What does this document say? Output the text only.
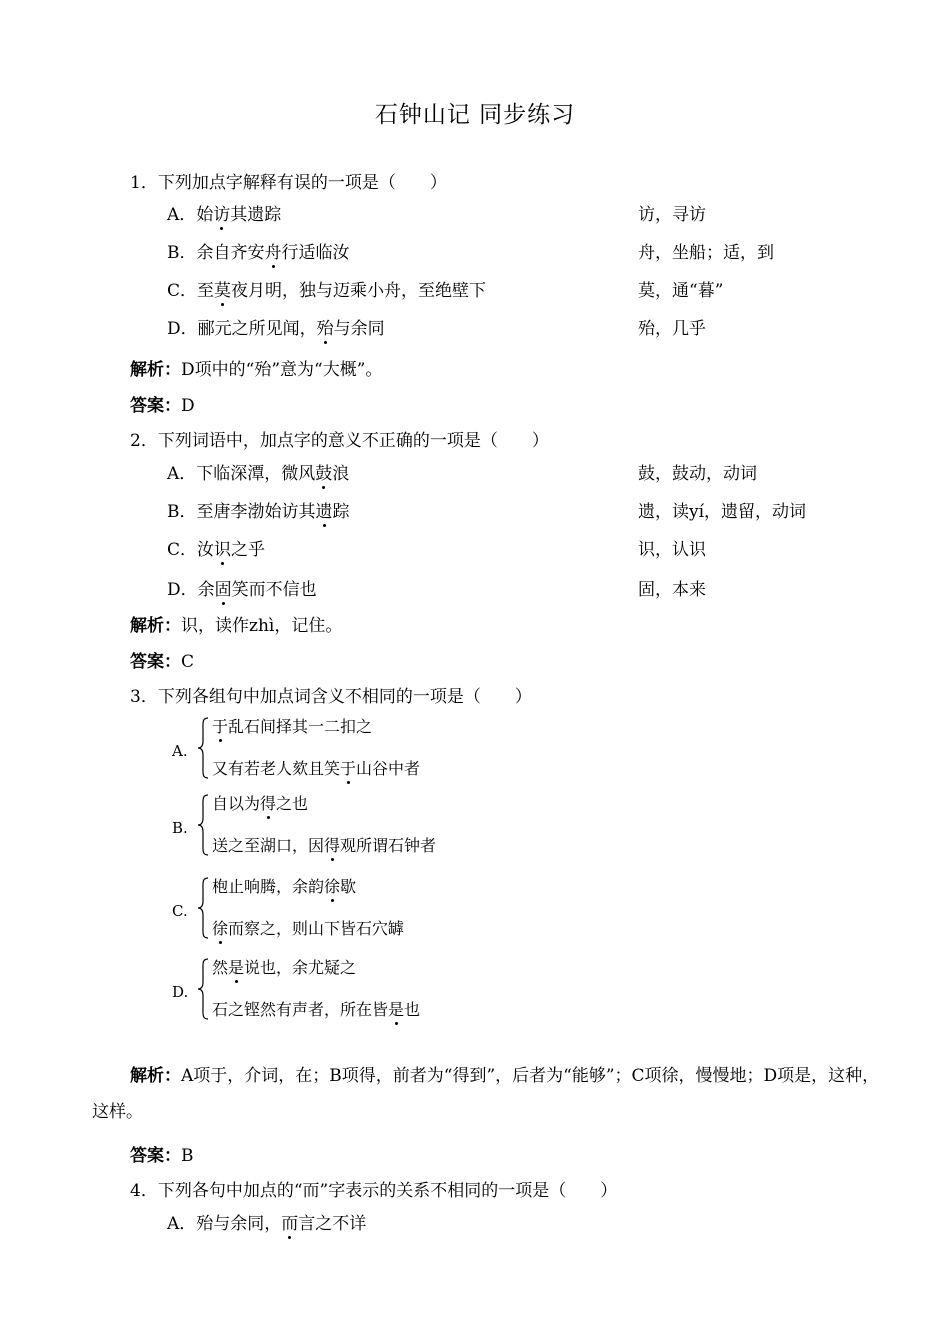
石钟山记 同步练习
1．下列加点字解释有误的一项是（　　）
A．始访其遗踪	访，寻访
B．余自齐安舟行适临汝	舟，坐船；适，到
C．至莫夜月明，独与迈乘小舟，至绝壁下	莫，通“暮”
D．郦元之所见闻，殆与余同	殆，几乎
解析：D项中的“殆”意为“大概”。
答案：D
2．下列词语中，加点字的意义不正确的一项是（　　）
A．下临深潭，微风鼓浪	鼓，鼓动，动词
B．至唐李渤始访其遗踪	遗，读yí，遗留，动词
C．汝识之乎	识，认识
D．余固笑而不信也	固，本来
解析：识，读作zhì，记住。
答案：C
3．下列各组句中加点词含义不相同的一项是（　　）
A.
于乱石间择其一二扣之
又有若老人欬且笑于山谷中者
B.
自以为得之也
送之至湖口，因得观所谓石钟者
C.
枹止响腾，余韵徐歇
徐而察之，则山下皆石穴罅
D.
然是说也，余尤疑之
石之铿然有声者，所在皆是也
解析：A项于，介词，在；B项得，前者为“得到”，后者为“能够”；C项徐，慢慢地；D项是，这种，这样。
答案：B
4．下列各句中加点的“而”字表示的关系不相同的一项是（　　）
A．殆与余同，而言之不详
